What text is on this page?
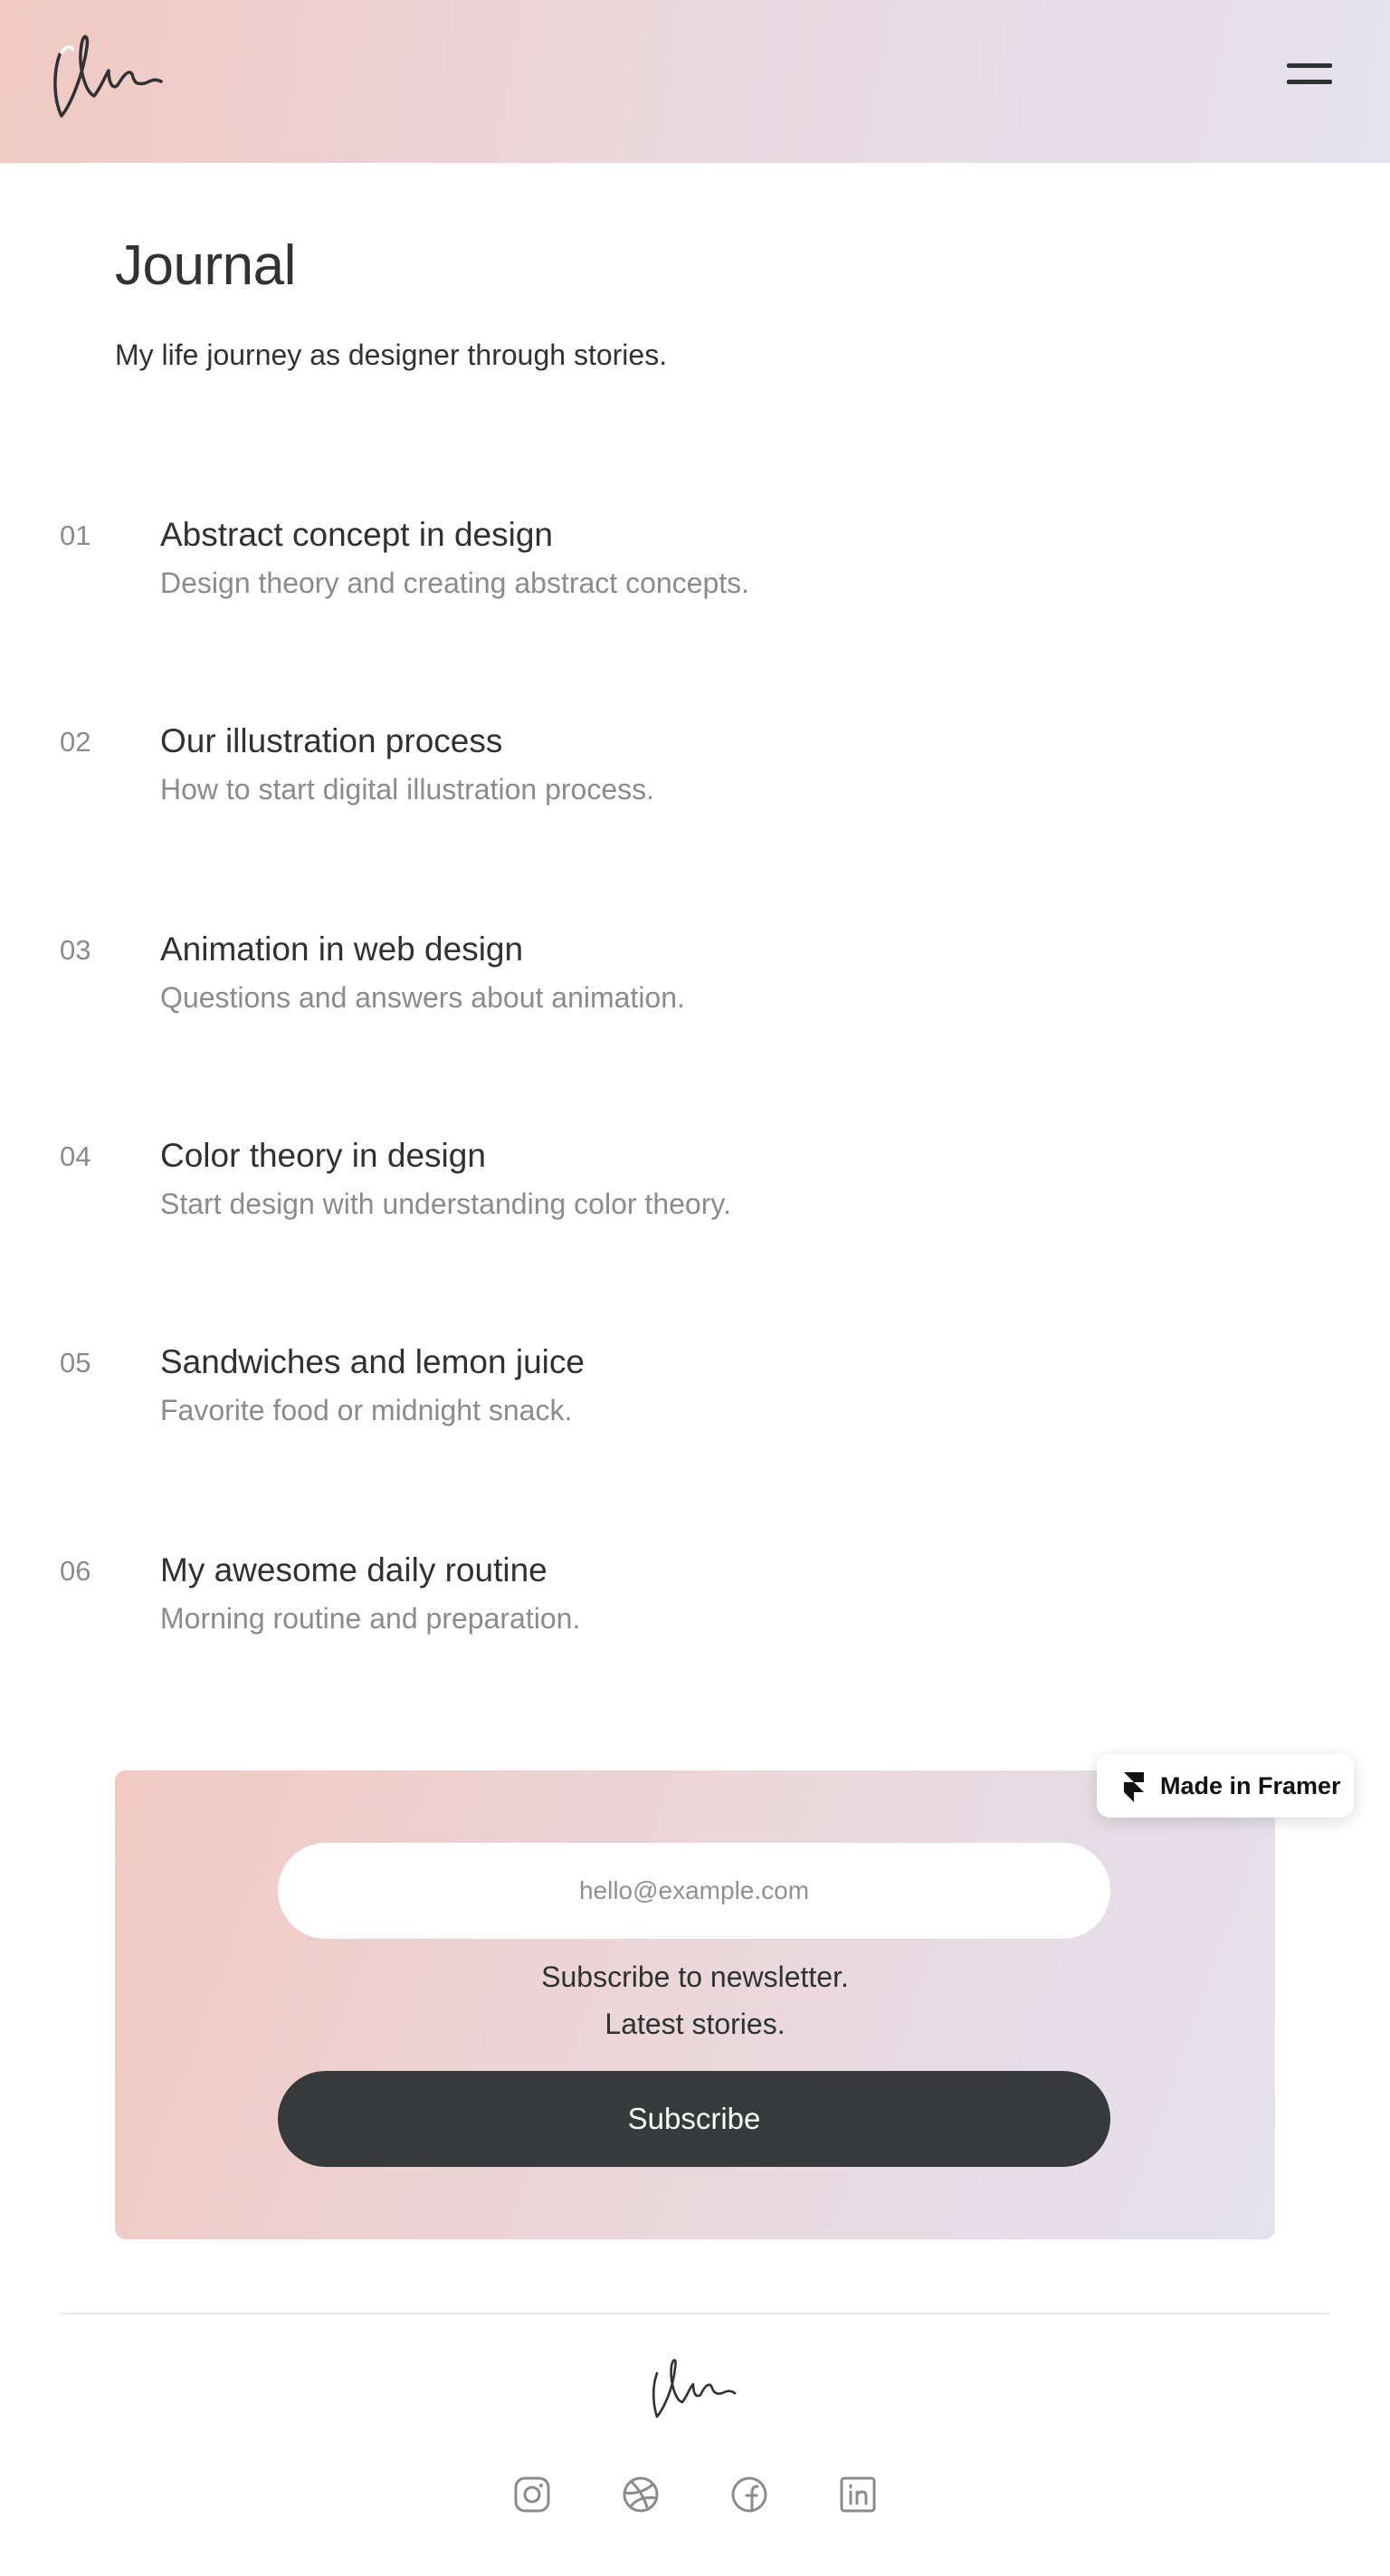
Journal

My life journey as designer through stories.

01 Abstract concept in design
Design theory and creating abstract concepts.
02 Our illustration process
How to start digital illustration process.
03 Animation in web design
Questions and answers about animation.
04 Color theory in design
Start design with understanding color theory.
05 Sandwiches and lemon juice
Favorite food or midnight snack.
06 My awesome daily routine
Morning routine and preparation.
hello@example.com
Subscribe to newsletter.
Latest stories.
Subscribe
Made in Framer
